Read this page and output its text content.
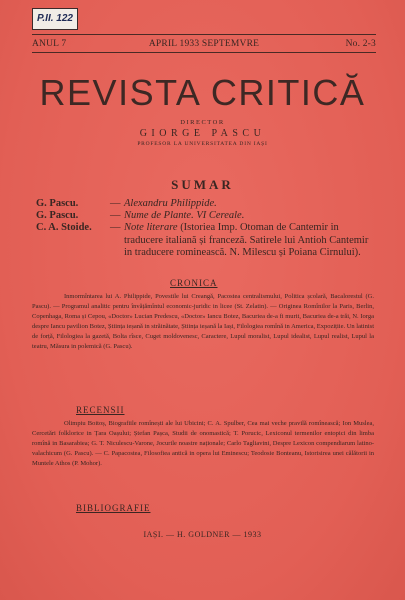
P.II. 122
ANUL 7	APRIL 1933 SEPTEMVRE	No. 2-3
REVISTA CRITICĂ
DIRECTOR
GIORGE PASCU
PROFESOR LA UNIVERSITATEA DIN IAȘI
SUMAR
G. Pascu.	— Alexandru Philippide.
G. Pascu.	— Nume de Plante. VI Cereale.
C. A. Stoide.	— Note literare (Istoriea Imp. Otoman de Cantemir in traducere italiană și franceză. Satirele lui Antioh Cantemir in traducere rominească. N. Milescu și Poiana Cirnului).
CRONICA
Inmormîntarea lui A. Philippide, Povestile lui Creangă, Pacostea centralismului, Politica școlară, Bacalorestul (G. Pascu). — Programul analitic pentru învățămîntul economic-juridic in licee (St. Zelatin). — Originea Romînilor la Paris, Berlin, Copenhaga, Roma și Cepou, «Doctor» Lucian Predescu, «Doctor» Iancu Botez, Bacuriea de-a fi murit, Bacuriea de-a trăi, N. Iorga despre Iancu pavilion Botez, Știința ieșană in străinătate, Știința ieșană la Iași, Filologiea romînă in America, Expozițiie. Un latinist de forță, Filologiea la gazetă, Bolta rîsce, Cuget moldovenesc, Caractere, Lupul moralist, Lupul idealist, Lupul realist, Lupul la teatru, Măsura in polemică (G. Pascu).
RECENSII
Olimpiu Boitoș, Biografiile romînești ale lui Ubicini; C. A. Spulber, Cea mai veche pravilă romînească; Ion Muslea, Cercetări folklorice in Țara Oașului; Ștefan Pașca, Studii de onomastică; T. Porucic, Lexiconul termenilor entopici din limba romînă in Basarabiea; G. T. Niculescu-Varone, Jocurile noastre naționale; Carlo Tagliavini, Despre Lexicon compendiarum latino-valachicum (G. Pascu). — C. Papacostea, Filosofiea antică in opera lui Eminescu; Teodosie Bonteanu, Istorisirea unei călătorii in Muntele Athos (P. Mohor).
BIBLIOGRAFIE
IAȘI. — H. GOLDNER — 1933
